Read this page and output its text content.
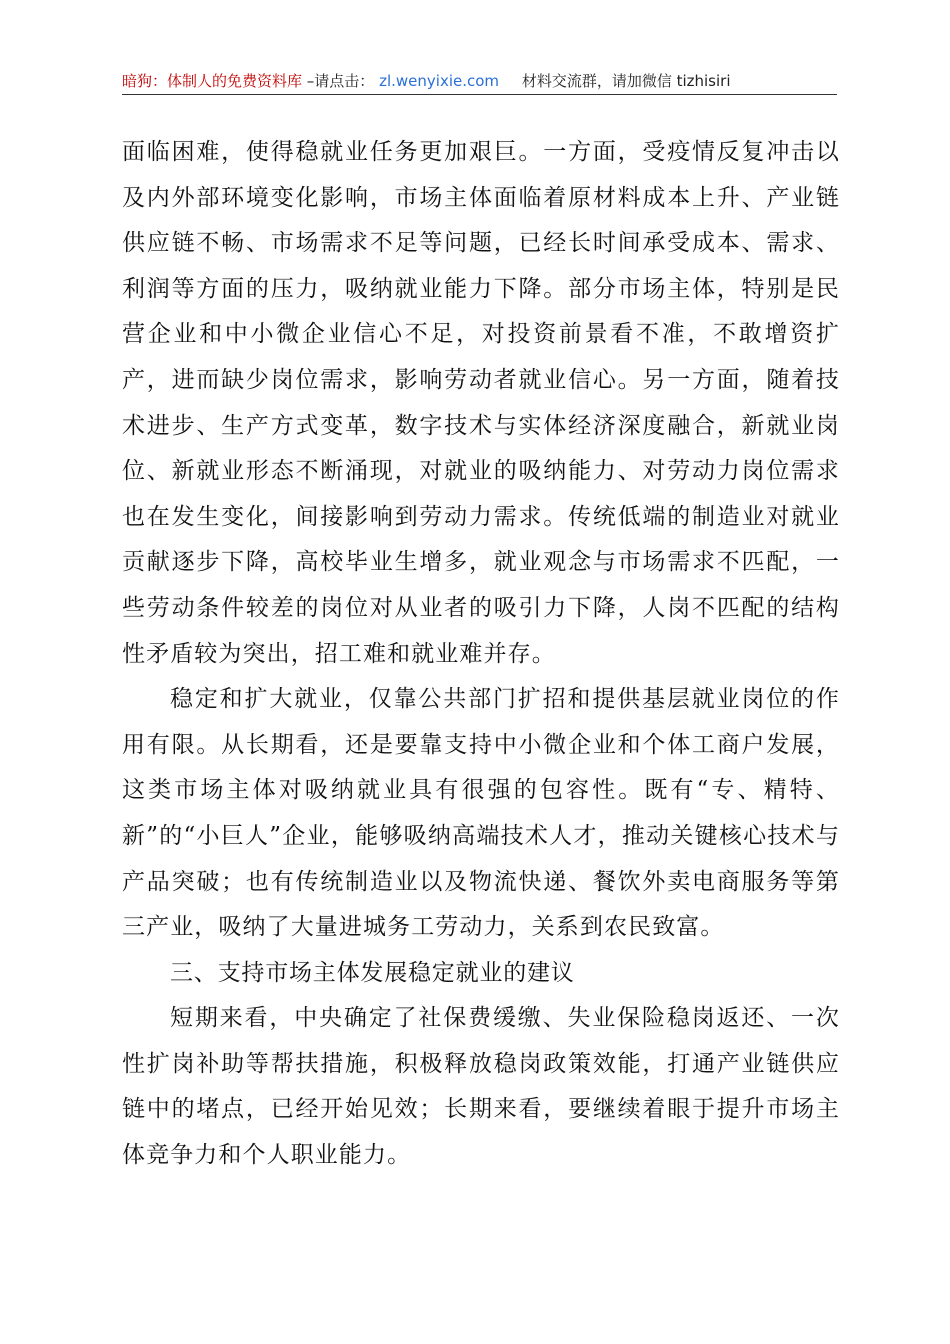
暗狗：体制人的免费资料库 –请点击： zl.wenyixie.com 材料交流群，请加微信 tizhisiri

面临困难，使得稳就业任务更加艰巨。一方面，受疫情反复冲击以及内外部环境变化影响，市场主体面临着原材料成本上升、产业链供应链不畅、市场需求不足等问题，已经长时间承受成本、需求、利润等方面的压力，吸纳就业能力下降。部分市场主体，特别是民营企业和中小微企业信心不足，对投资前景看不准，不敢增资扩产，进而缺少岗位需求，影响劳动者就业信心。另一方面，随着技术进步、生产方式变革，数字技术与实体经济深度融合，新就业岗位、新就业形态不断涌现，对就业的吸纳能力、对劳动力岗位需求也在发生变化，间接影响到劳动力需求。传统低端的制造业对就业贡献逐步下降，高校毕业生增多，就业观念与市场需求不匹配，一些劳动条件较差的岗位对从业者的吸引力下降，人岗不匹配的结构性矛盾较为突出，招工难和就业难并存。

稳定和扩大就业，仅靠公共部门扩招和提供基层就业岗位的作用有限。从长期看，还是要靠支持中小微企业和个体工商户发展，这类市场主体对吸纳就业具有很强的包容性。既有“专、精特、新”的“小巨人”企业，能够吸纳高端技术人才，推动关键核心技术与产品突破；也有传统制造业以及物流快递、餐饮外卖电商服务等第三产业，吸纳了大量进城务工劳动力，关系到农民致富。

三、支持市场主体发展稳定就业的建议

短期来看，中央确定了社保费缓缴、失业保险稳岗返还、一次性扩岗补助等帮扶措施，积极释放稳岗政策效能，打通产业链供应链中的堵点，已经开始见效；长期来看，要继续着眼于提升市场主体竞争力和个人职业能力。
